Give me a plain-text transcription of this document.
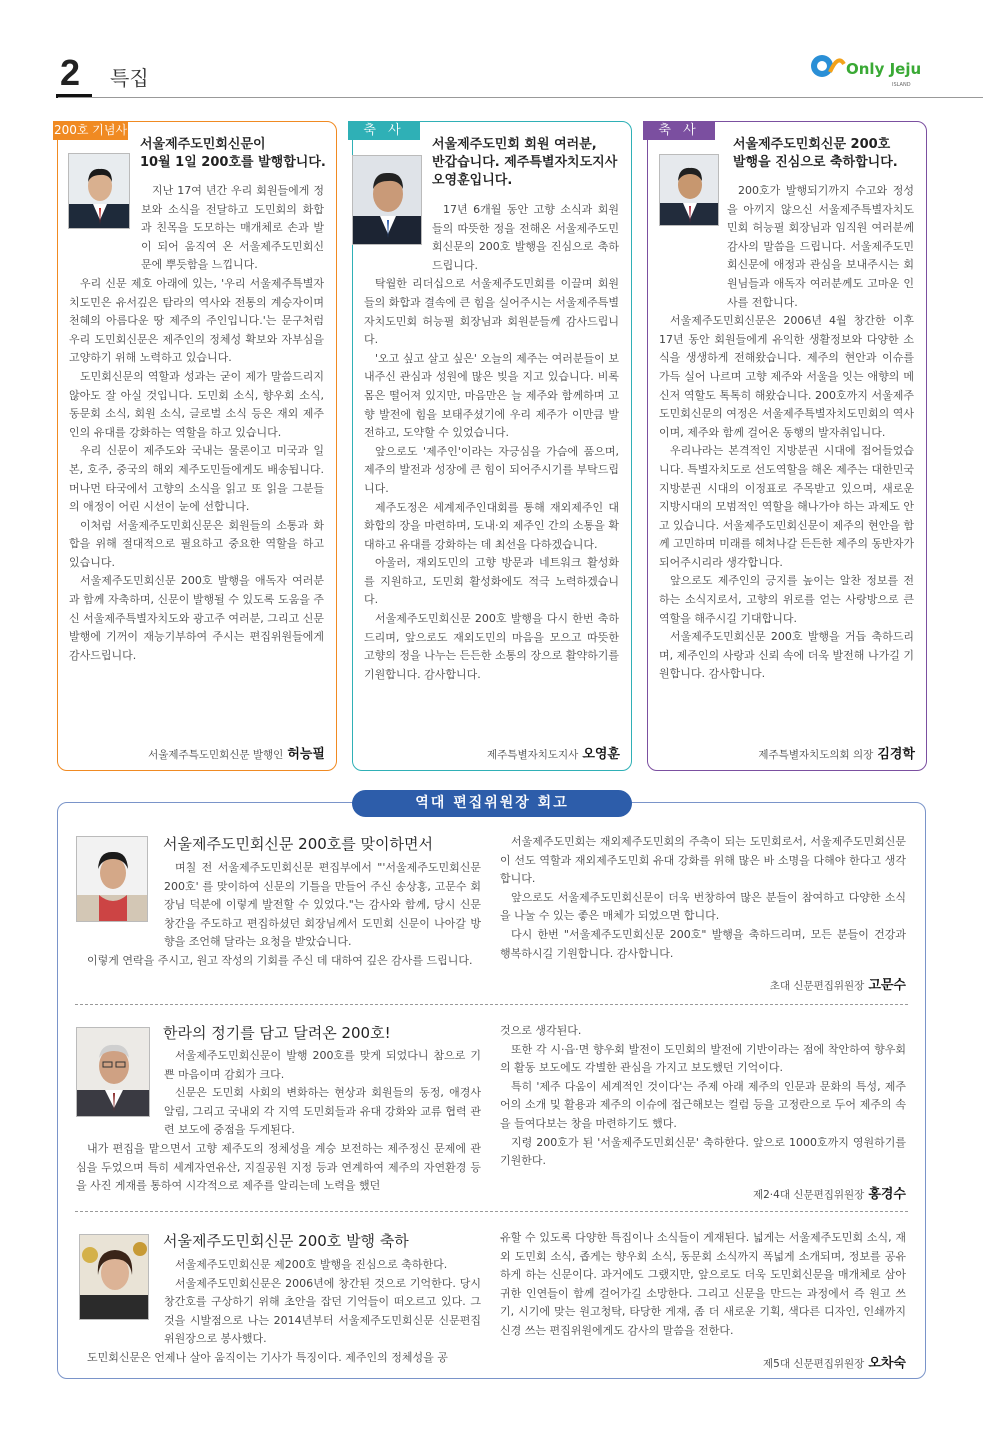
2 특집	Only Jeju
ISLAND
200호 기념사
서울제주도민회신문이
10월 1일 200호를 발행합니다.

지난 17여 년간 우리 회원들에게 정보와 소식을 전달하고 도민회의 화합과 친목을 도모하는 매개체로 손과 발이 되어 움직여 온 서울제주도민회신문에 뿌듯함을 느낍니다.

우리 신문 제호 아래에 있는, '우리 서울제주특별자치도민은 유서깊은 탐라의 역사와 전통의 계승자이며 천혜의 아름다운 땅 제주의 주인입니다.'는 문구처럼 우리 도민회신문은 제주인의 정체성 확보와 자부심을 고양하기 위해 노력하고 있습니다.

도민회신문의 역할과 성과는 굳이 제가 말씀드리지 않아도 잘 아실 것입니다. 도민회 소식, 향우회 소식, 동문회 소식, 회원 소식, 글로벌 소식 등은 재외 제주인의 유대를 강화하는 역할을 하고 있습니다.

우리 신문이 제주도와 국내는 물론이고 미국과 일본, 호주, 중국의 해외 제주도민들에게도 배송됩니다. 머나먼 타국에서 고향의 소식을 읽고 또 읽을 그분들의 애정이 어린 시선이 눈에 선합니다.

이처럼 서울제주도민회신문은 회원들의 소통과 화합을 위해 절대적으로 필요하고 중요한 역할을 하고 있습니다.

서울제주도민회신문 200호 발행을 애독자 여러분과 함께 자축하며, 신문이 발행될 수 있도록 도움을 주신 서울제주특별자치도와 광고주 여러분, 그리고 신문 발행에 기꺼이 재능기부하여 주시는 편집위원들에게 감사드립니다.

서울제주특도민회신문 발행인 허능필
축 사
서울제주도민회 회원 여러분,
반갑습니다. 제주특별자치도지사
오영훈입니다.

17년 6개월 동안 고향 소식과 회원들의 따뜻한 정을 전해온 서울제주도민회신문의 200호 발행을 진심으로 축하드립니다.

탁월한 리더십으로 서울제주도민회를 이끌며 회원들의 화합과 결속에 큰 힘을 실어주시는 서울제주특별자치도민회 허능필 회장님과 회원분들께 감사드립니다.

'오고 싶고 살고 싶은' 오늘의 제주는 여러분들이 보내주신 관심과 성원에 많은 빚을 지고 있습니다. 비록 몸은 떨어져 있지만, 마음만은 늘 제주와 함께하며 고향 발전에 힘을 보태주셨기에 우리 제주가 이만큼 발전하고, 도약할 수 있었습니다.

앞으로도 '제주인'이라는 자긍심을 가슴에 품으며, 제주의 발전과 성장에 큰 힘이 되어주시기를 부탁드립니다.

제주도정은 세계제주인대회를 통해 재외제주인 대화합의 장을 마련하며, 도내·외 제주인 간의 소통을 확대하고 유대를 강화하는 데 최선을 다하겠습니다.

아울러, 재외도민의 고향 방문과 네트워크 활성화를 지원하고, 도민회 활성화에도 적극 노력하겠습니다.

서울제주도민회신문 200호 발행을 다시 한번 축하드리며, 앞으로도 재외도민의 마음을 모으고 따뜻한 고향의 정을 나누는 든든한 소통의 장으로 활약하기를 기원합니다. 감사합니다.

제주특별자치도지사 오영훈
축 사
서울제주도민회신문 200호
발행을 진심으로 축하합니다.

200호가 발행되기까지 수고와 정성을 아끼지 않으신 서울제주특별자치도민회 허능필 회장님과 임직원 여러분께 감사의 말씀을 드립니다. 서울제주도민회신문에 애정과 관심을 보내주시는 회원님들과 애독자 여러분께도 고마운 인사를 전합니다.

서울제주도민회신문은 2006년 4월 창간한 이후 17년 동안 회원들에게 유익한 생활정보와 다양한 소식을 생생하게 전해왔습니다. 제주의 현안과 이슈를 가득 실어 나르며 고향 제주와 서울을 잇는 애향의 메신저 역할도 톡톡히 해왔습니다. 200호까지 서울제주도민회신문의 여정은 서울제주특별자치도민회의 역사이며, 제주와 함께 걸어온 동행의 발자취입니다.

우리나라는 본격적인 지방분권 시대에 접어들었습니다. 특별자치도로 선도역할을 해온 제주는 대한민국 지방분권 시대의 이정표로 주목받고 있으며, 새로운 지방시대의 모범적인 역할을 해나가야 하는 과제도 안고 있습니다. 서울제주도민회신문이 제주의 현안을 함께 고민하며 미래를 헤쳐나갈 든든한 제주의 동반자가 되어주시리라 생각합니다.

앞으로도 제주인의 긍지를 높이는 알찬 정보를 전하는 소식지로서, 고향의 위로를 얻는 사랑방으로 큰 역할을 해주시길 기대합니다.

서울제주도민회신문 200호 발행을 거듭 축하드리며, 제주인의 사랑과 신뢰 속에 더욱 발전해 나가길 기원합니다. 감사합니다.

제주특별자치도의회 의장 김경학
역대 편집위원장 회고
서울제주도민회신문 200호를 맞이하면서

며칠 전 서울제주도민회신문 편집부에서 "'서울제주도민회신문 200호' 를 맞이하여 신문의 기틀을 만들어 주신 송상홍, 고문수 회장님 덕분에 이렇게 발전할 수 있었다."는 감사와 함께, 당시 신문 창간을 주도하고 편집하셨던 회장님께서 도민회 신문이 나아갈 방향을 조언해 달라는 요청을 받았습니다.

이렇게 연락을 주시고, 원고 작성의 기회를 주신 데 대하여 깊은 감사를 드립니다.

서울제주도민회는 재외제주도민회의 주축이 되는 도민회로서, 서울제주도민회신문이 선도 역할과 재외제주도민회 유대 강화를 위해 많은 바 소명을 다해야 한다고 생각합니다.

앞으로도 서울제주도민회신문이 더욱 번창하여 많은 분들이 참여하고 다양한 소식을 나눌 수 있는 좋은 매체가 되었으면 합니다.

다시 한번 "서울제주도민회신문 200호" 발행을 축하드리며, 모든 분들이 건강과 행복하시길 기원합니다. 감사합니다.

초대 신문편집위원장 고문수
한라의 정기를 담고 달려온 200호!

서울제주도민회신문이 발행 200호를 맞게 되었다니 참으로 기쁜 마음이며 감회가 크다.

신문은 도민회 사회의 변화하는 현상과 회원들의 동정, 애경사 알림, 그리고 국내외 각 지역 도민회들과 유대 강화와 교류 협력 관련 보도에 중점을 두게된다.

내가 편집을 맡으면서 고향 제주도의 정체성을 계승 보전하는 제주정신 문제에 관심을 두었으며 특히 세계자연유산, 지질공원 지정 등과 연계하여 제주의 자연환경 등을 사진 게재를 통하여 시각적으로 제주를 알리는데 노력을 했던

것으로 생각된다.

또한 각 시·읍·면 향우회 발전이 도민회의 발전에 기반이라는 점에 착안하여 향우회의 활동 보도에도 각별한 관심을 가지고 보도했던 기억이다.

특히 '제주 다움이 세계적인 것이다'는 주제 아래 제주의 인문과 문화의 특성, 제주어의 소개 및 활용과 제주의 이슈에 접근해보는 컬럼 등을 고정란으로 두어 제주의 속을 들여다보는 창을 마련하기도 했다.

지령 200호가 된 '서울제주도민회신문' 축하한다. 앞으로 1000호까지 영원하기를 기원한다.

제2·4대 신문편집위원장 홍경수
서울제주도민회신문 200호 발행 축하

서울제주도민회신문 제200호 발행을 진심으로 축하한다.

서울제주도민회신문은 2006년에 창간된 것으로 기억한다. 당시 창간호를 구상하기 위해 초안을 잡던 기억들이 떠오르고 있다. 그것을 시발점으로 나는 2014년부터 서울제주도민회신문 신문편집위원장으로 봉사했다.

도민회신문은 언제나 살아 움직이는 기사가 특징이다. 제주인의 정체성을 공

유할 수 있도록 다양한 특집이나 소식들이 게재된다. 넓게는 서울제주도민회 소식, 재외 도민회 소식, 좁게는 향우회 소식, 동문회 소식까지 폭넓게 소개되며, 정보를 공유하게 하는 신문이다. 과거에도 그랬지만, 앞으로도 더욱 도민회신문을 매개체로 삼아 귀한 인연들이 함께 걸어가길 소망한다. 그리고 신문을 만드는 과정에서 즉 원고 쓰기, 시기에 맞는 원고청탁, 타당한 게재, 좀 더 새로운 기획, 색다른 디자인, 인쇄까지 신경 쓰는 편집위원에게도 감사의 말씀을 전한다.

제5대 신문편집위원장 오차숙
